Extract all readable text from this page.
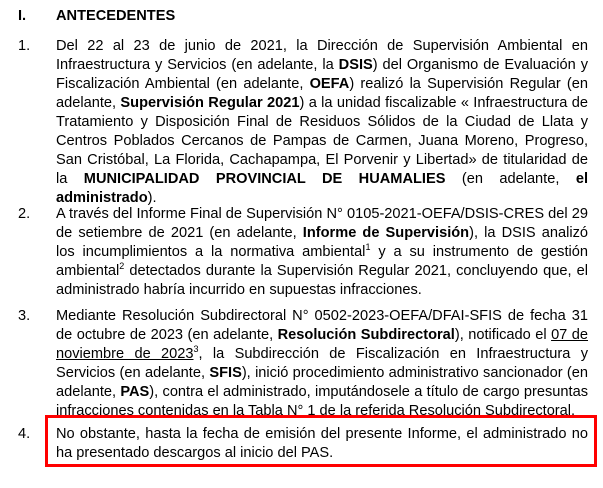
I.	ANTECEDENTES
1.	Del 22 al 23 de junio de 2021, la Dirección de Supervisión Ambiental en Infraestructura y Servicios (en adelante, la DSIS) del Organismo de Evaluación y Fiscalización Ambiental (en adelante, OEFA) realizó la Supervisión Regular (en adelante, Supervisión Regular 2021) a la unidad fiscalizable « Infraestructura de Tratamiento y Disposición Final de Residuos Sólidos de la Ciudad de Llata y Centros Poblados Cercanos de Pampas de Carmen, Juana Moreno, Progreso, San Cristóbal, La Florida, Cachapampa, El Porvenir y Libertad» de titularidad de la MUNICIPALIDAD PROVINCIAL DE HUAMALIES (en adelante, el administrado).
2.	A través del Informe Final de Supervisión N° 0105-2021-OEFA/DSIS-CRES del 29 de setiembre de 2021 (en adelante, Informe de Supervisión), la DSIS analizó los incumplimientos a la normativa ambiental$^1$ y a su instrumento de gestión ambiental$^2$ detectados durante la Supervisión Regular 2021, concluyendo que, el administrado habría incurrido en supuestas infracciones.
3.	Mediante Resolución Subdirectoral N° 0502-2023-OEFA/DFAI-SFIS de fecha 31 de octubre de 2023 (en adelante, Resolución Subdirectoral), notificado el 07 de noviembre de 2023$^3$, la Subdirección de Fiscalización en Infraestructura y Servicios (en adelante, SFIS), inició procedimiento administrativo sancionador (en adelante, PAS), contra el administrado, imputándosele a título de cargo presuntas infracciones contenidas en la Tabla N° 1 de la referida Resolución Subdirectoral.
4.	No obstante, hasta la fecha de emisión del presente Informe, el administrado no ha presentado descargos al inicio del PAS.
